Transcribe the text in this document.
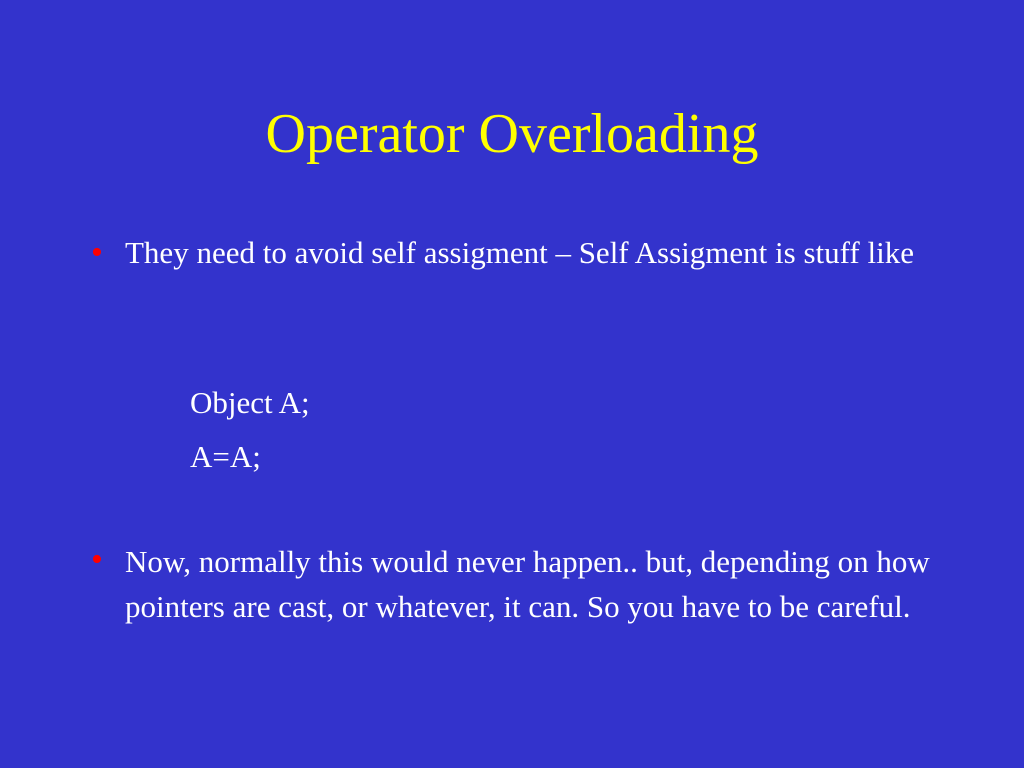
Operator Overloading
• They need to avoid self assigment – Self Assigment is stuff like
Object A;
A=A;
• Now, normally this would never happen.. but, depending on how pointers are cast, or whatever, it can. So you have to be careful.
